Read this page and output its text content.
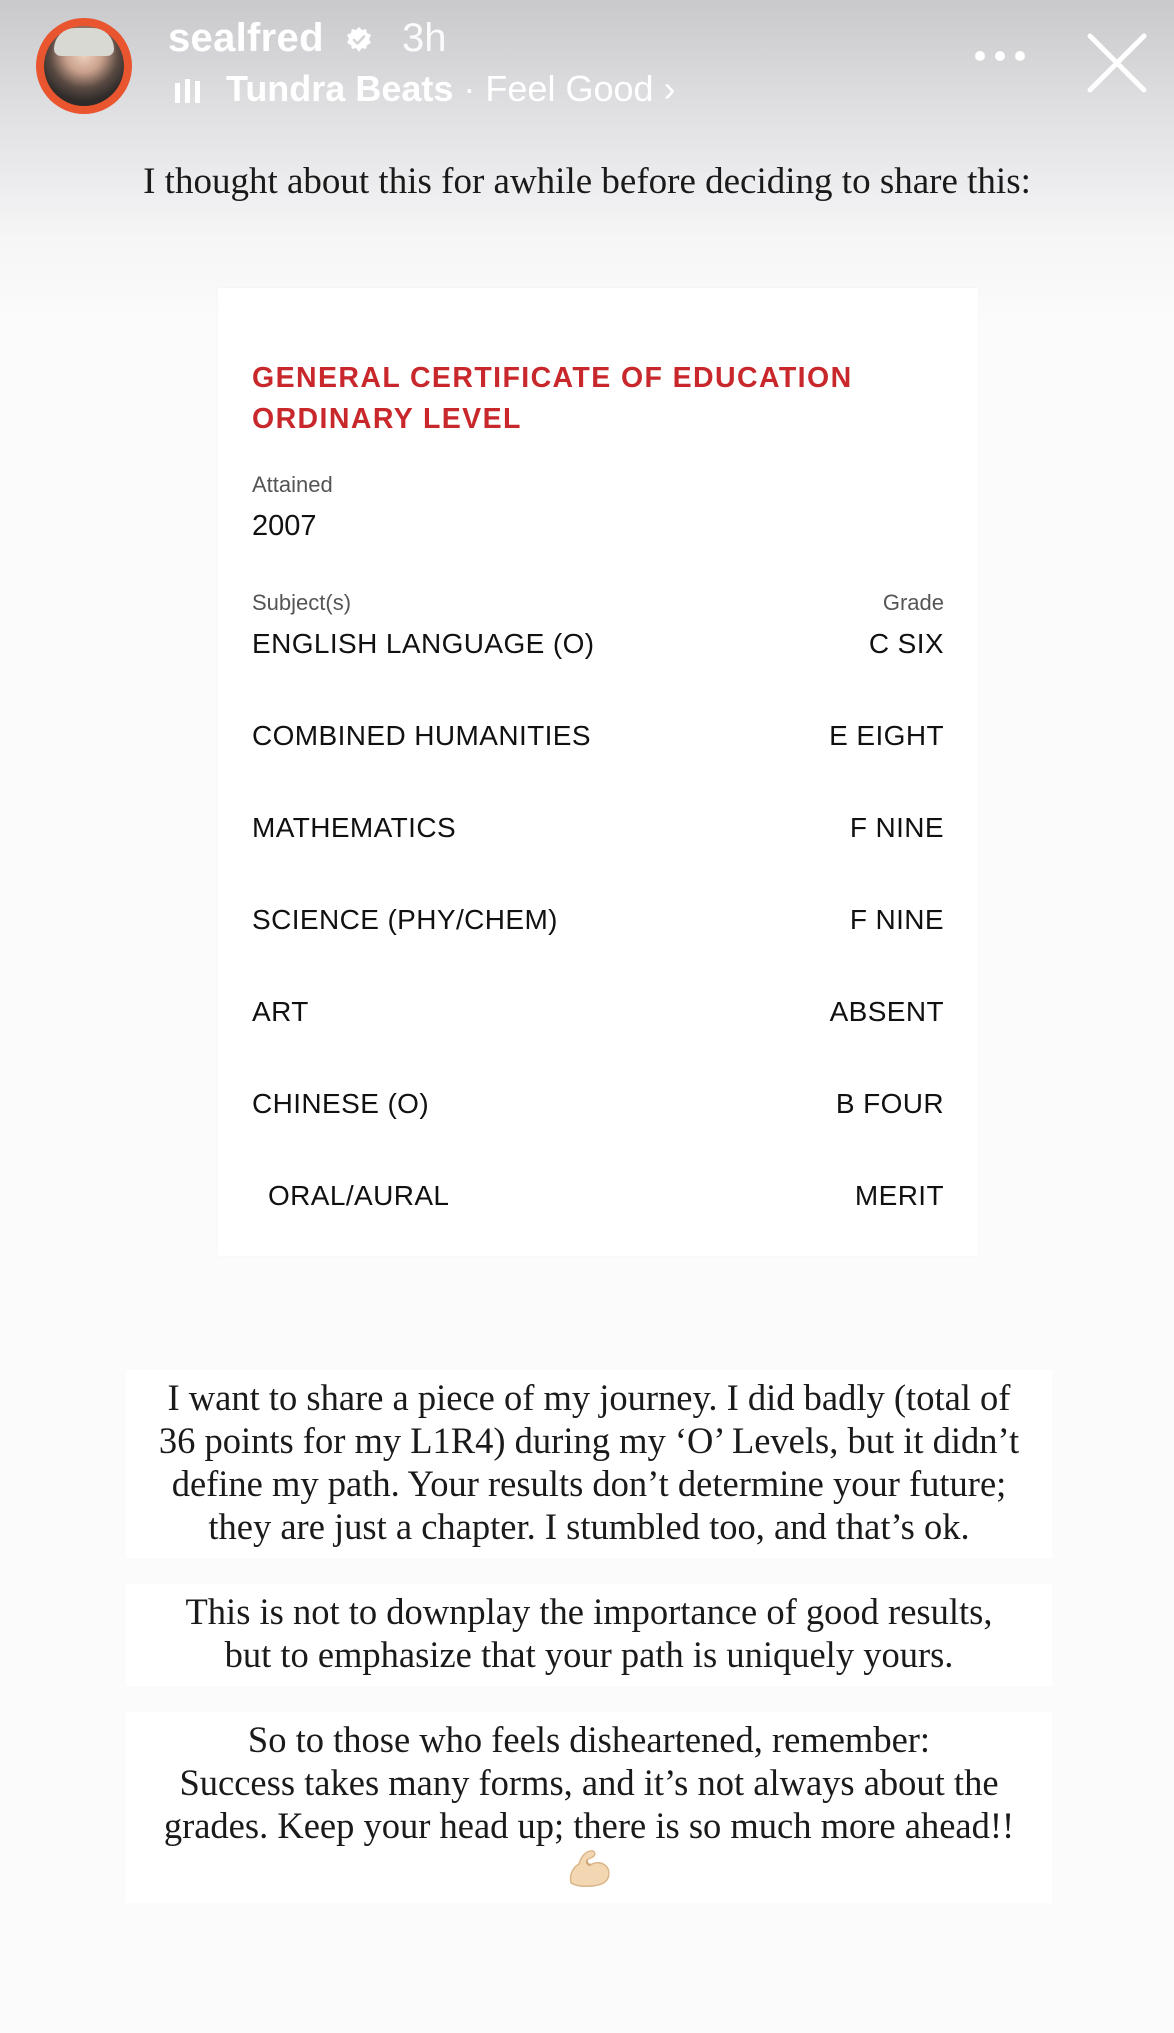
sealfred 3h
Tundra Beats · Feel Good ›
I thought about this for awhile before deciding to share this:
GENERAL CERTIFICATE OF EDUCATION
ORDINARY LEVEL
Attained
2007
Subject(s)	Grade
ENGLISH LANGUAGE (O)	C SIX
COMBINED HUMANITIES	E EIGHT
MATHEMATICS	F NINE
SCIENCE (PHY/CHEM)	F NINE
ART	ABSENT
CHINESE (O)	B FOUR
ORAL/AURAL	MERIT
I want to share a piece of my journey. I did badly (total of
36 points for my L1R4) during my ‘O’ Levels, but it didn’t
define my path. Your results don’t determine your future;
they are just a chapter. I stumbled too, and that’s ok.
This is not to downplay the importance of good results,
but to emphasize that your path is uniquely yours.
So to those who feels disheartened, remember:
Success takes many forms, and it’s not always about the
grades. Keep your head up; there is so much more ahead!!
